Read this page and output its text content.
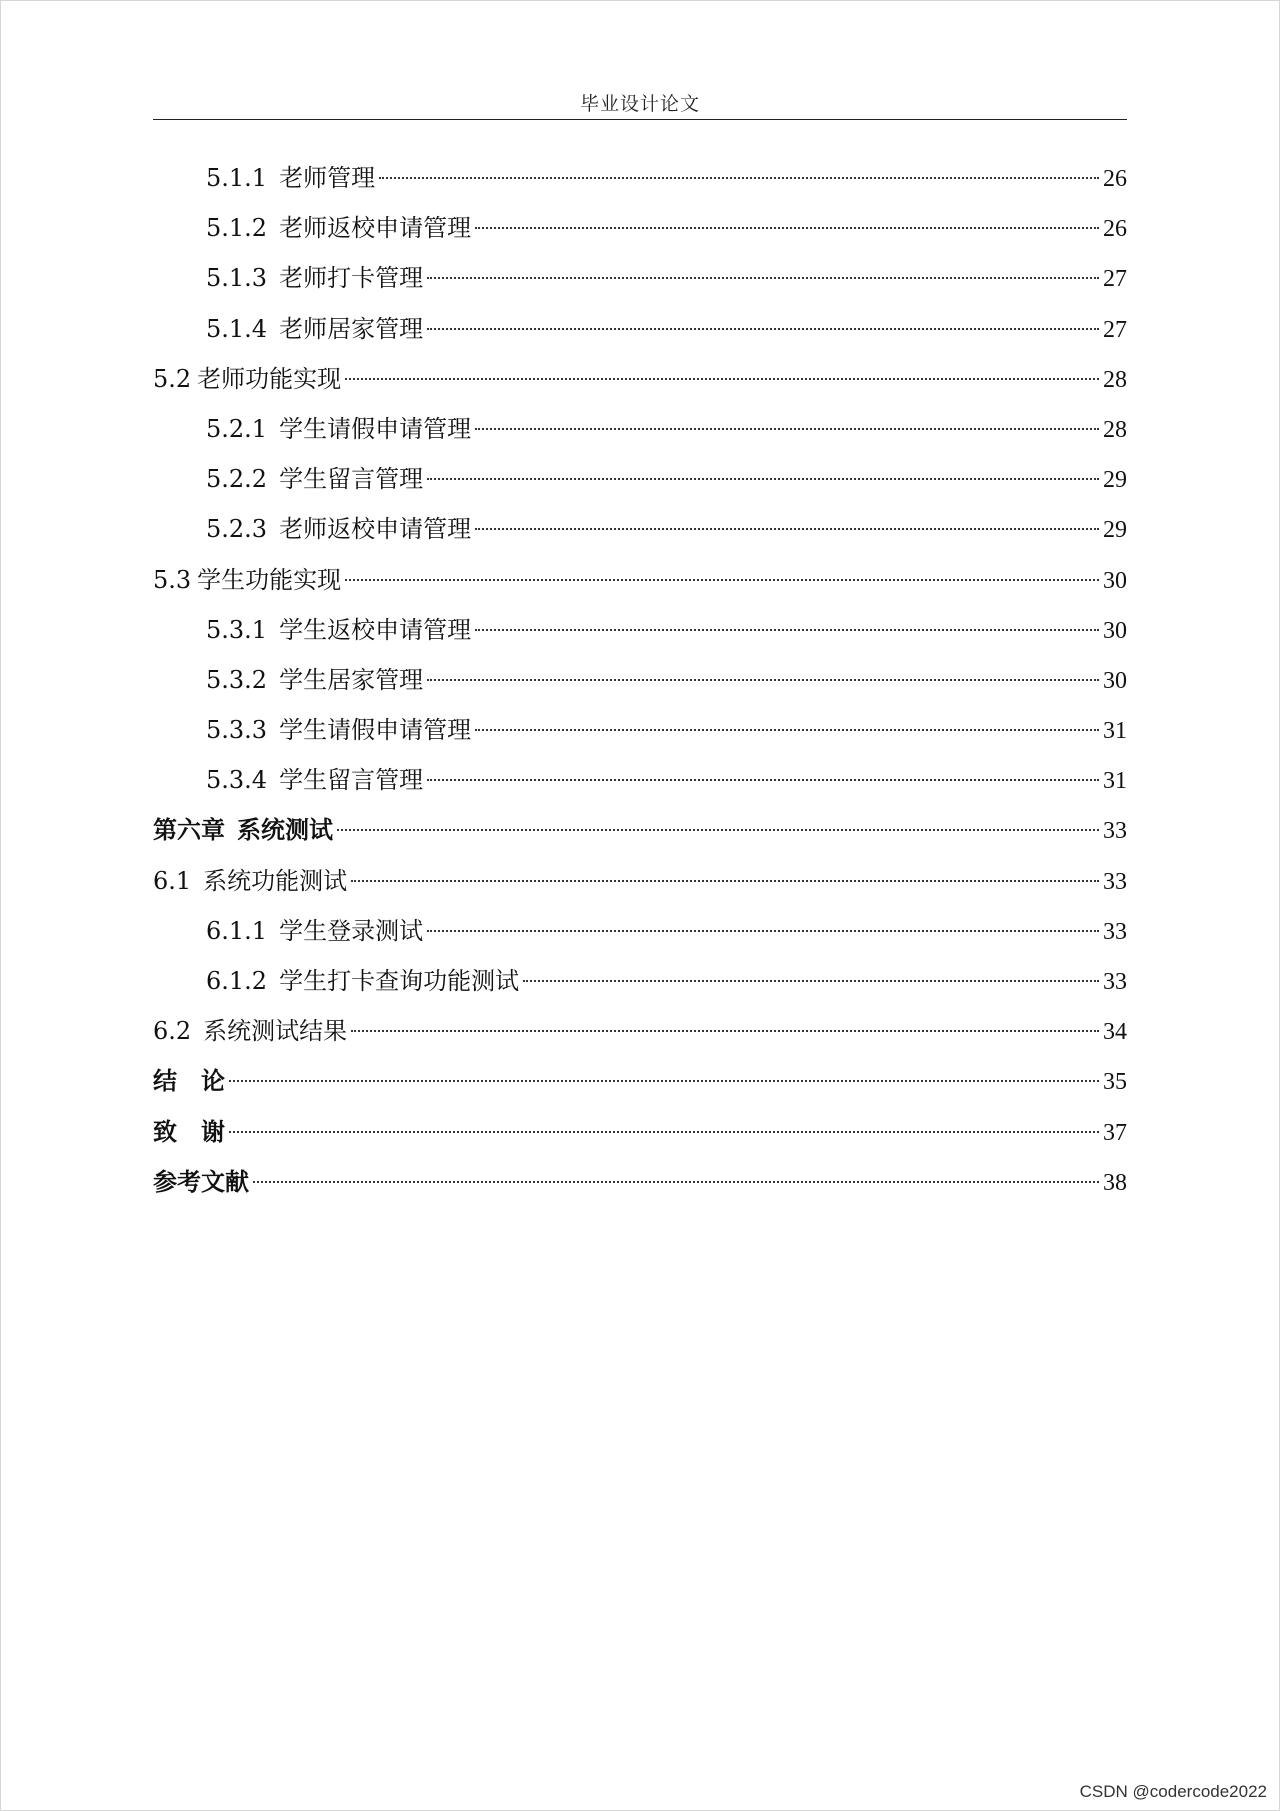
毕业设计论文
5.1.1 老师管理	26
5.1.2 老师返校申请管理	26
5.1.3 老师打卡管理	27
5.1.4 老师居家管理	27
5.2 老师功能实现	28
5.2.1 学生请假申请管理	28
5.2.2 学生留言管理	29
5.2.3 老师返校申请管理	29
5.3 学生功能实现	30
5.3.1 学生返校申请管理	30
5.3.2 学生居家管理	30
5.3.3 学生请假申请管理	31
5.3.4 学生留言管理	31
第六章 系统测试	33
6.1 系统功能测试	33
6.1.1 学生登录测试	33
6.1.2 学生打卡查询功能测试	33
6.2 系统测试结果	34
结　论	35
致　谢	37
参考文献	38
CSDN @codercode2022
